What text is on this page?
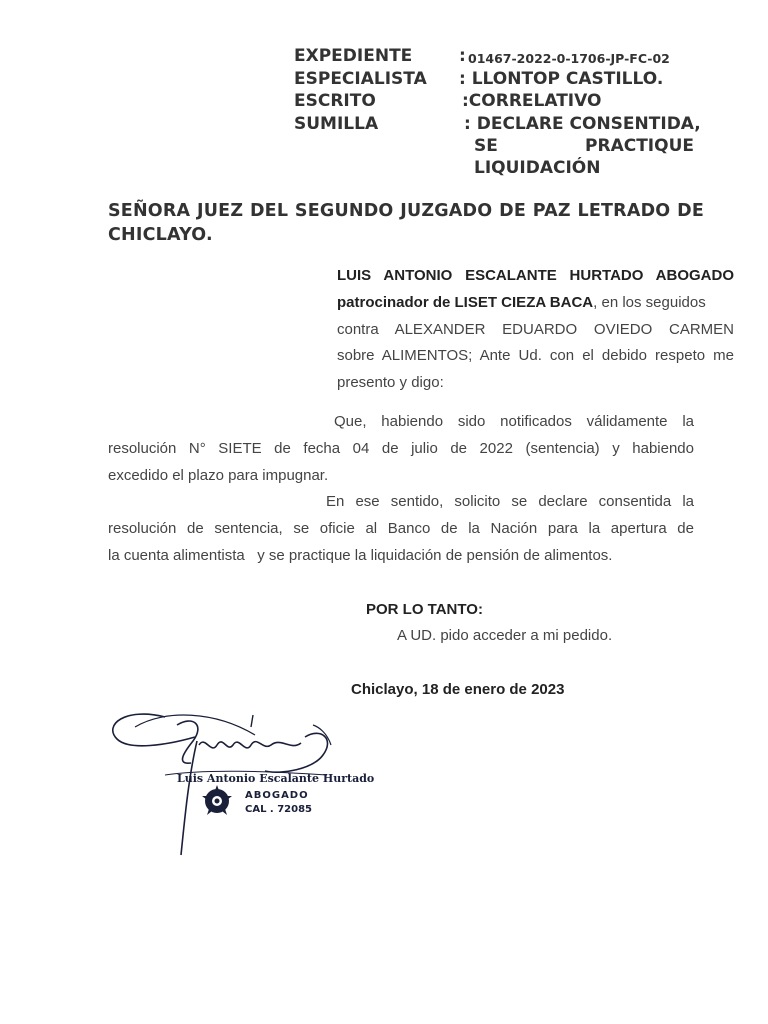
EXPEDIENTE	: 01467-2022-0-1706-JP-FC-02
ESPECIALISTA : LLONTOP CASTILLO.
ESCRITO	:CORRELATIVO
SUMILLA	: DECLARE CONSENTIDA,
SE PRACTIQUE
LIQUIDACIÓN
SEÑORA JUEZ DEL SEGUNDO JUZGADO DE PAZ LETRADO DE
CHICLAYO.
LUIS ANTONIO ESCALANTE HURTADO ABOGADO
patrocinador de LISET CIEZA BACA , en los seguidos
contra ALEXANDER EDUARDO OVIEDO CARMEN
sobre ALIMENTOS; Ante Ud. con el debido respeto me
presento y digo:
Que, habiendo sido notificados válidamente la
resolución N° SIETE de fecha 04 de julio de 2022 (sentencia) y habiendo
excedido el plazo para impugnar.
En ese sentido, solicito se declare consentida la
resolución de sentencia, se oficie al Banco de la Nación para la apertura de
la cuenta alimentista   y se practique la liquidación de pensión de alimentos.
POR LO TANTO:
A UD. pido acceder a mi pedido.
Chiclayo, 18 de enero de 2023
Luis Antonio Escalante Hurtado
ABOGADO
CAL . 72085
